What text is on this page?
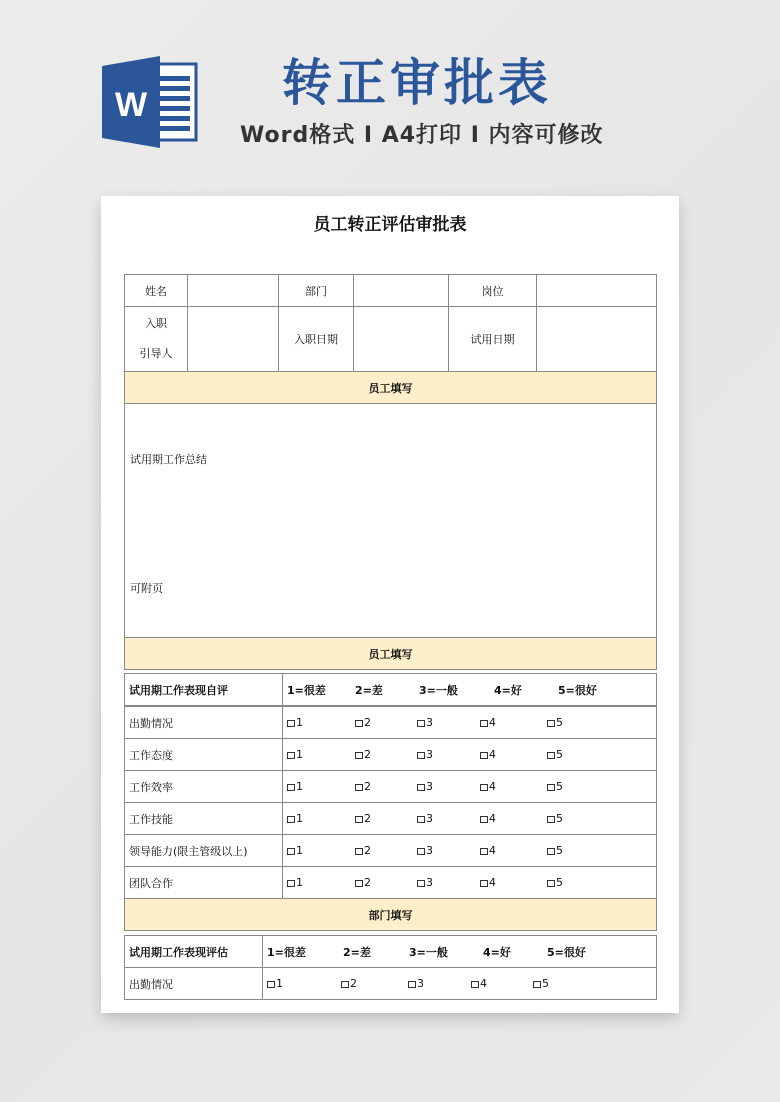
W	转正审批表
Word格式 I A4打印 I 内容可修改
员工转正评估审批表
姓名		部门		岗位	

入职
引导人		入职日期		试用日期	
员工填写					

试用期工作总结
可附页					

员工填写					
试用期工作表现自评	1=很差	2=差	3=一般	4=好	5=很好
出勤情况	1 2 3 4 5
工作态度	1 2 3 4 5
工作效率	1 2 3 4 5
工作技能	1 2 3 4 5
领导能力(限主管级以上)	1 2 3 4 5
团队合作	1 2 3 4 5
部门填写	
试用期工作表现评估	1=很差 2=差 3=一般 4=好 5=很好
出勤情况	1 2 3 4 5
